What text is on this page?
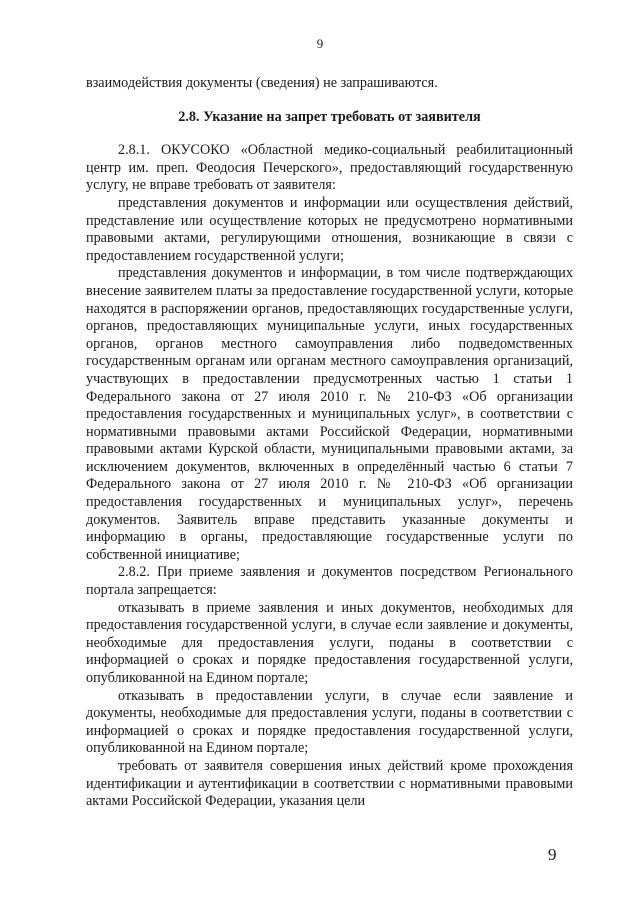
9

взаимодействия документы (сведения) не запрашиваются.

2.8. Указание на запрет требовать от заявителя

2.8.1. ОКУСОКО «Областной медико-социальный реабилитационный центр им. преп. Феодосия Печерского», предоставляющий государственную услугу, не вправе требовать от заявителя:

представления документов и информации или осуществления действий, представление или осуществление которых не предусмотрено нормативными правовыми актами, регулирующими отношения, возникающие в связи с предоставлением государственной услуги;

представления документов и информации, в том числе подтверждающих внесение заявителем платы за предоставление государственной услуги, которые находятся в распоряжении органов, предоставляющих государственные услуги, органов, предоставляющих муниципальные услуги, иных государственных органов, органов местного самоуправления либо подведомственных государственным органам или органам местного самоуправления организаций, участвующих в предоставлении предусмотренных частью 1 статьи 1 Федерального закона от 27 июля 2010 г. № 210-ФЗ «Об организации предоставления государственных и муниципальных услуг», в соответствии с нормативными правовыми актами Российской Федерации, нормативными правовыми актами Курской области, муниципальными правовыми актами, за исключением документов, включенных в определённый частью 6 статьи 7 Федерального закона от 27 июля 2010 г. № 210-ФЗ «Об организации предоставления государственных и муниципальных услуг», перечень документов. Заявитель вправе представить указанные документы и информацию в органы, предоставляющие государственные услуги по собственной инициативе;

2.8.2. При приеме заявления и документов посредством Регионального портала запрещается:

отказывать в приеме заявления и иных документов, необходимых для предоставления государственной услуги, в случае если заявление и документы, необходимые для предоставления услуги, поданы в соответствии с информацией о сроках и порядке предоставления государственной услуги, опубликованной на Едином портале;

отказывать в предоставлении услуги, в случае если заявление и документы, необходимые для предоставления услуги, поданы в соответствии с информацией о сроках и порядке предоставления государственной услуги, опубликованной на Едином портале;

требовать от заявителя совершения иных действий кроме прохождения идентификации и аутентификации в соответствии с нормативными правовыми актами Российской Федерации, указания цели

9
